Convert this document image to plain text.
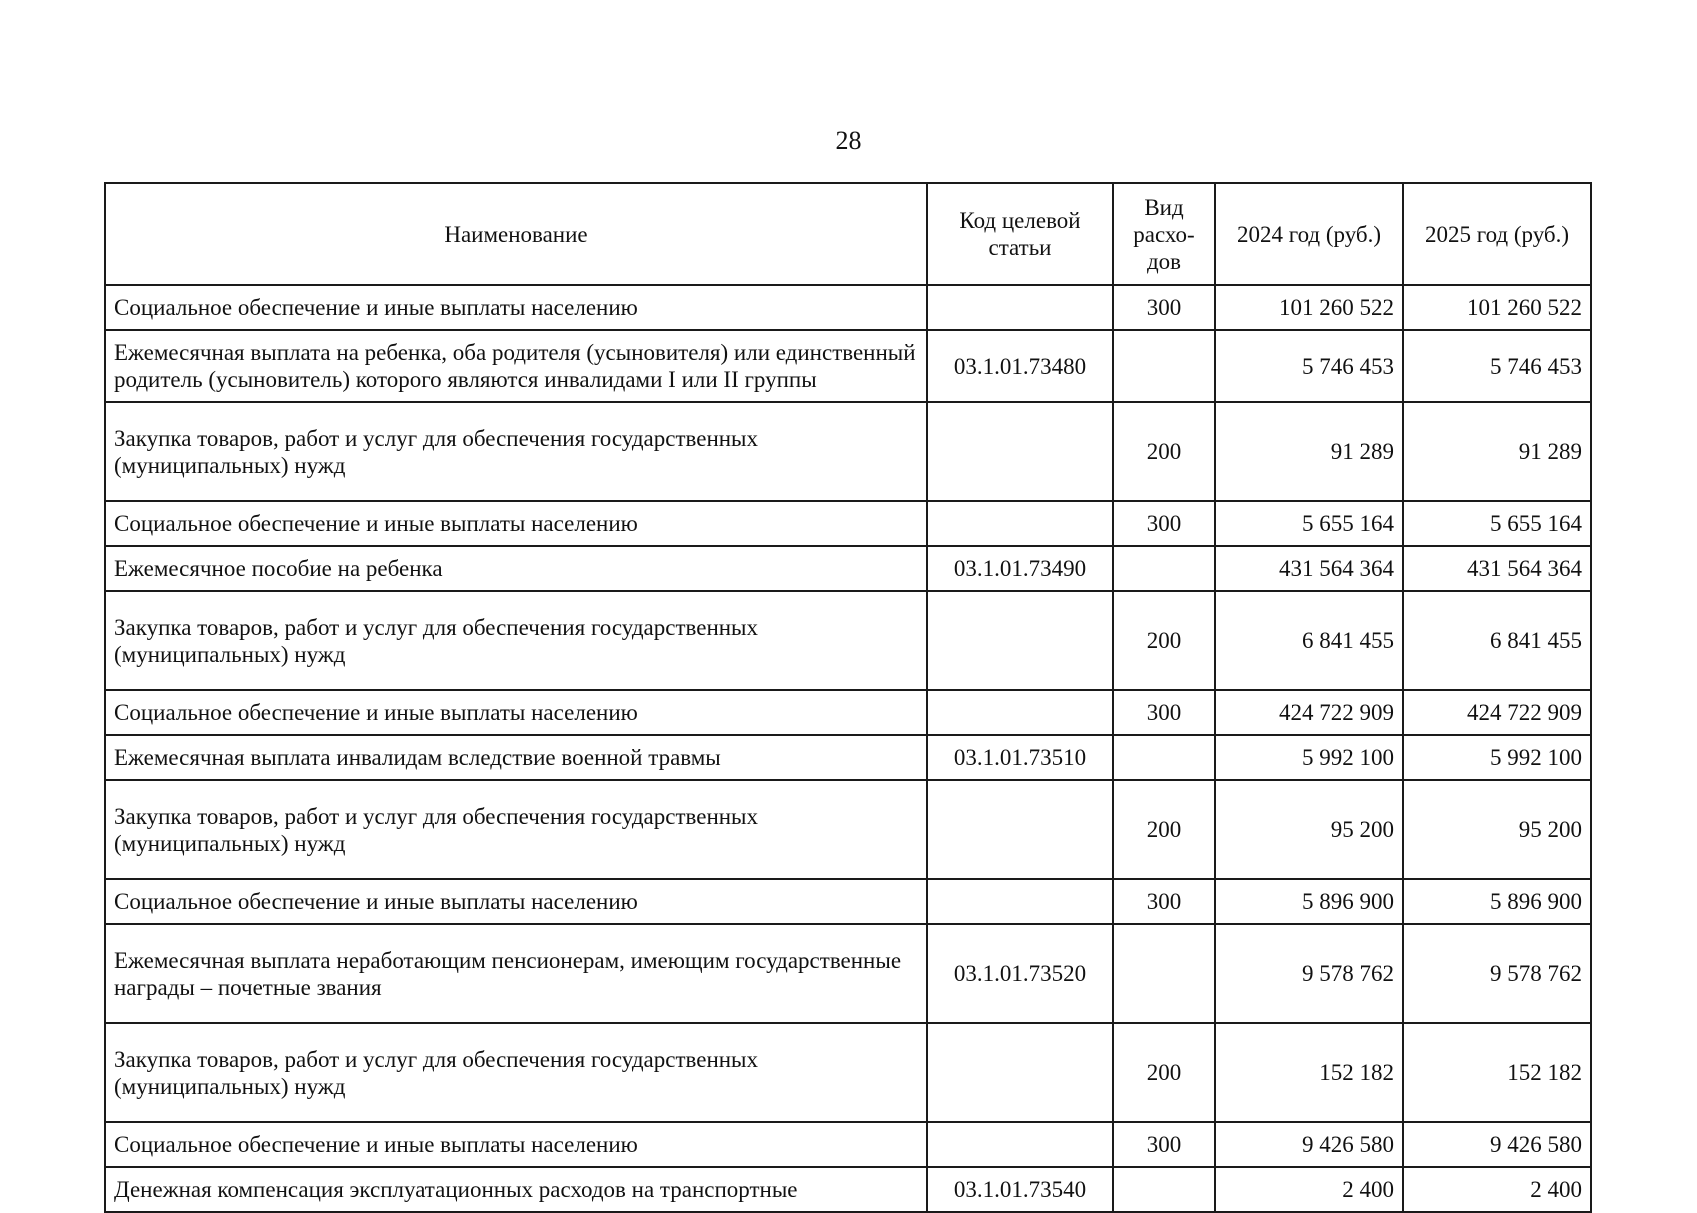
28
Наименование	Код целевой статьи	Вид расхо-дов	2024 год (руб.)	2025 год (руб.)
Социальное обеспечение и иные выплаты населению		300	101 260 522	101 260 522
Ежемесячная выплата на ребенка, оба родителя (усыновителя) или единственный родитель (усыновитель) которого являются инвалидами I или II группы	03.1.01.73480		5 746 453	5 746 453
Закупка товаров, работ и услуг для обеспечения государственных (муниципальных) нужд		200	91 289	91 289
Социальное обеспечение и иные выплаты населению		300	5 655 164	5 655 164
Ежемесячное пособие на ребенка	03.1.01.73490		431 564 364	431 564 364
Закупка товаров, работ и услуг для обеспечения государственных (муниципальных) нужд		200	6 841 455	6 841 455
Социальное обеспечение и иные выплаты населению		300	424 722 909	424 722 909
Ежемесячная выплата инвалидам вследствие военной травмы	03.1.01.73510		5 992 100	5 992 100
Закупка товаров, работ и услуг для обеспечения государственных (муниципальных) нужд		200	95 200	95 200
Социальное обеспечение и иные выплаты населению		300	5 896 900	5 896 900
Ежемесячная выплата неработающим пенсионерам, имеющим государственные награды – почетные звания	03.1.01.73520		9 578 762	9 578 762
Закупка товаров, работ и услуг для обеспечения государственных (муниципальных) нужд		200	152 182	152 182
Социальное обеспечение и иные выплаты населению		300	9 426 580	9 426 580
Денежная компенсация эксплуатационных расходов на транспортные	03.1.01.73540		2 400	2 400
